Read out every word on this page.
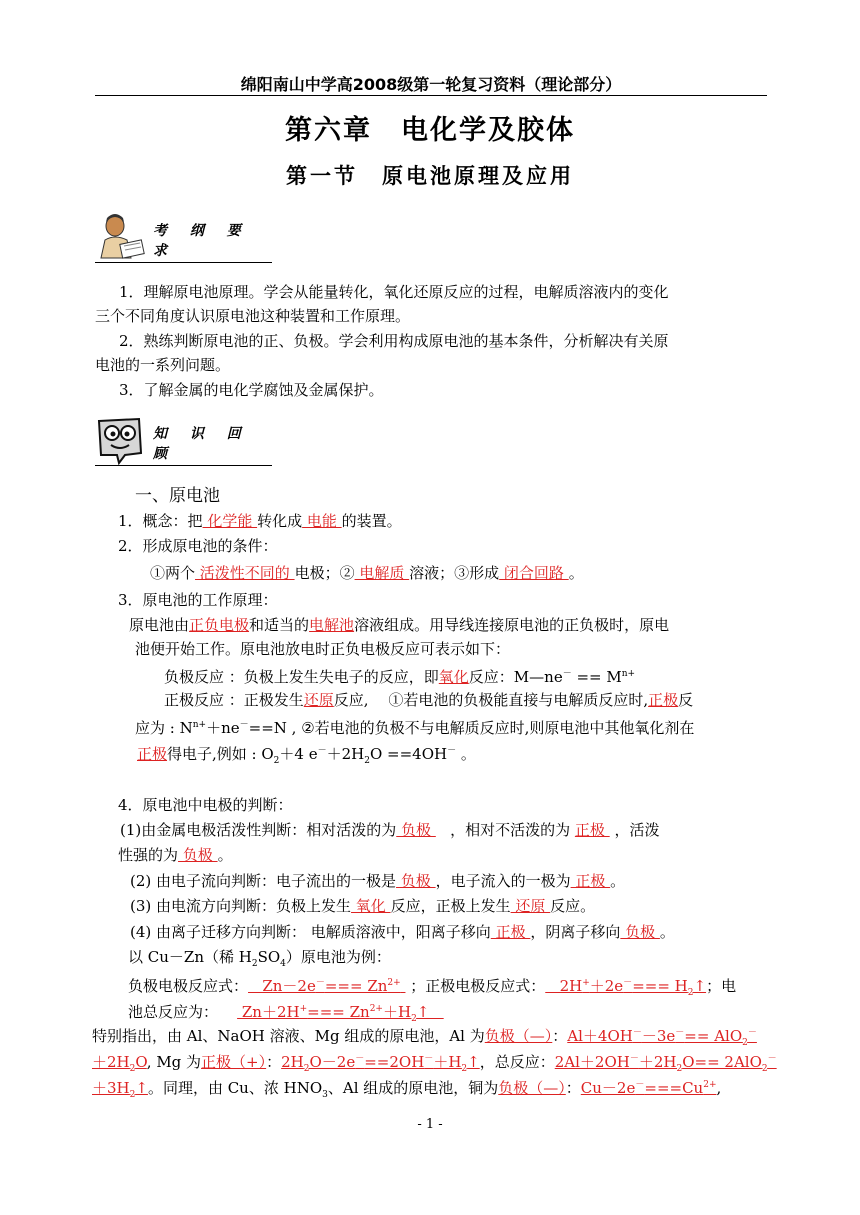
绵阳南山中学高2008级第一轮复习资料（理论部分）
第六章　电化学及胶体
第一节　原电池原理及应用
考 纲 要 求
1．理解原电池原理。学会从能量转化，氧化还原反应的过程，电解质溶液内的变化
三个不同角度认识原电池这种装置和工作原理。
2．熟练判断原电池的正、负极。学会利用构成原电池的基本条件，分析解决有关原
电池的一系列问题。
3．了解金属的电化学腐蚀及金属保护。
知 识 回 顾
一、原电池
1．概念：把 化学能 转化成 电能 的装置。
2．形成原电池的条件：
①两个 活泼性不同的 电极；② 电解质 溶液；③形成 闭合回路 。
3．原电池的工作原理：
原电池由正负电极和适当的电解池溶液组成。用导线连接原电池的正负极时，原电
池便开始工作。原电池放电时正负电极反应可表示如下：
负极反应 ：负极上发生失电子的反应，即氧化反应：M—ne－ == $M^{n+}$
正极反应 ：正极发生还原反应, 　①若电池的负极能直接与电解质反应时,正极反
应为 : $N^{n+}+ne^-==N$ , ②若电池的负极不与电解质反应时,则原电池中其他氧化剂在
正极得电子,例如 : $O_2+4$ $e^-+2H_2O ==4OH^-$ 。
4．原电池中电极的判断：
(1)由金属电极活泼性判断：相对活泼的为 负极    ，相对不活泼的为 正极  ，活泼
性强的为 负极 。
(2) 由电子流向判断：电子流出的一极是 负极 ，电子流入的一极为 正极 。
(3) 由电流方向判断：负极上发生 氧化 反应，正极上发生 还原 反应。
(4) 由离子迁移方向判断： 电解质溶液中，阳离子移向 正极 ，阴离子移向 负极 。
以 Cu－Zn（稀 $H_2SO_4$）原电池为例：
负极电极反应式：   $Zn-2e^-=== Zn^{2+}$ ；正极电极反应式：   $2H^++2e^-=== H_2↑$；电
池总反应为：     $Zn+2H^+=== Zn^{2+}+H_2↑$
特别指出，由 Al、NaOH 溶液、Mg 组成的原电池，Al 为负极（—）：Al＋4OH－－3e－== AlO$_2$－
$+2H_2O$, Mg 为正极（+）：$2H_2O-2e^-==2OH^-+H_2↑$，总反应：$2Al+2OH^-+2H_2O== 2AlO_2^-$
$+3H_2↑$。同理，由 Cu、浓 $HNO_3$、Al 组成的原电池，铜为负极（—）：$Cu-2e^-===Cu^{2+}$,
- 1 -
